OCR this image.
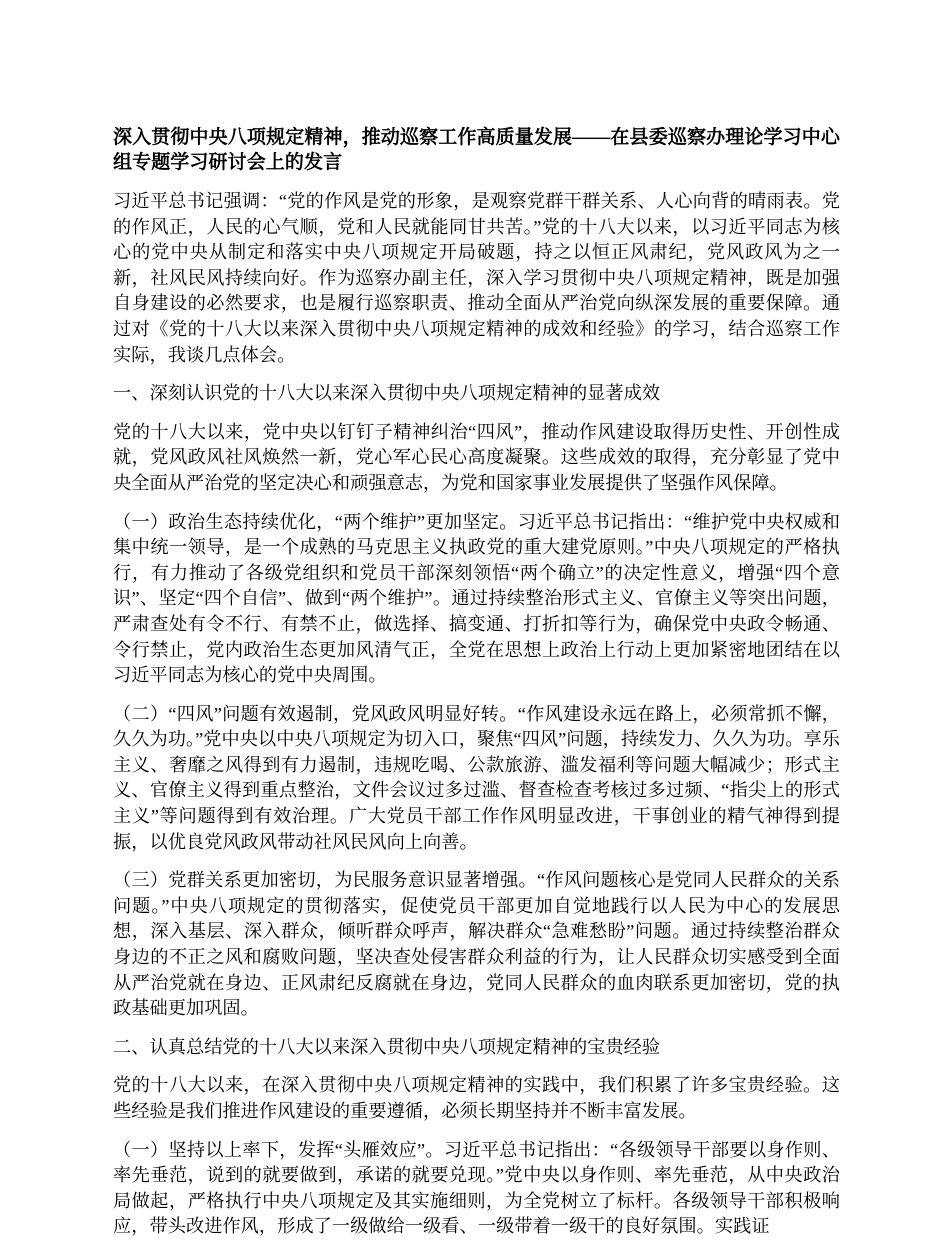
深入贯彻中央八项规定精神，推动巡察工作高质量发展——在县委巡察办理论学习中心组专题学习研讨会上的发言

习近平总书记强调：“党的作风是党的形象，是观察党群干群关系、人心向背的晴雨表。党的作风正，人民的心气顺，党和人民就能同甘共苦。”党的十八大以来，以习近平同志为核心的党中央从制定和落实中央八项规定开局破题，持之以恒正风肃纪，党风政风为之一新，社风民风持续向好。作为巡察办副主任，深入学习贯彻中央八项规定精神，既是加强自身建设的必然要求，也是履行巡察职责、推动全面从严治党向纵深发展的重要保障。通过对《党的十八大以来深入贯彻中央八项规定精神的成效和经验》的学习，结合巡察工作实际，我谈几点体会。

一、深刻认识党的十八大以来深入贯彻中央八项规定精神的显著成效

党的十八大以来，党中央以钉钉子精神纠治“四风”，推动作风建设取得历史性、开创性成就，党风政风社风焕然一新，党心军心民心高度凝聚。这些成效的取得，充分彰显了党中央全面从严治党的坚定决心和顽强意志，为党和国家事业发展提供了坚强作风保障。

（一）政治生态持续优化，“两个维护”更加坚定。习近平总书记指出：“维护党中央权威和集中统一领导，是一个成熟的马克思主义执政党的重大建党原则。”中央八项规定的严格执行，有力推动了各级党组织和党员干部深刻领悟“两个确立”的决定性意义，增强“四个意识”、坚定“四个自信”、做到“两个维护”。通过持续整治形式主义、官僚主义等突出问题，严肃查处有令不行、有禁不止，做选择、搞变通、打折扣等行为，确保党中央政令畅通、令行禁止，党内政治生态更加风清气正，全党在思想上政治上行动上更加紧密地团结在以习近平同志为核心的党中央周围。

（二）“四风”问题有效遏制，党风政风明显好转。“作风建设永远在路上，必须常抓不懈，久久为功。”党中央以中央八项规定为切入口，聚焦“四风”问题，持续发力、久久为功。享乐主义、奢靡之风得到有力遏制，违规吃喝、公款旅游、滥发福利等问题大幅减少；形式主义、官僚主义得到重点整治，文件会议过多过滥、督查检查考核过多过频、“指尖上的形式主义”等问题得到有效治理。广大党员干部工作作风明显改进，干事创业的精气神得到提振，以优良党风政风带动社风民风向上向善。

（三）党群关系更加密切，为民服务意识显著增强。“作风问题核心是党同人民群众的关系问题。”中央八项规定的贯彻落实，促使党员干部更加自觉地践行以人民为中心的发展思想，深入基层、深入群众，倾听群众呼声，解决群众“急难愁盼”问题。通过持续整治群众身边的不正之风和腐败问题，坚决查处侵害群众利益的行为，让人民群众切实感受到全面从严治党就在身边、正风肃纪反腐就在身边，党同人民群众的血肉联系更加密切，党的执政基础更加巩固。

二、认真总结党的十八大以来深入贯彻中央八项规定精神的宝贵经验

党的十八大以来，在深入贯彻中央八项规定精神的实践中，我们积累了许多宝贵经验。这些经验是我们推进作风建设的重要遵循，必须长期坚持并不断丰富发展。

（一）坚持以上率下，发挥“头雁效应”。习近平总书记指出：“各级领导干部要以身作则、率先垂范，说到的就要做到，承诺的就要兑现。”党中央以身作则、率先垂范，从中央政治局做起，严格执行中央八项规定及其实施细则，为全党树立了标杆。各级领导干部积极响应，带头改进作风，形成了一级做给一级看、一级带着一级干的良好氛围。实践证
